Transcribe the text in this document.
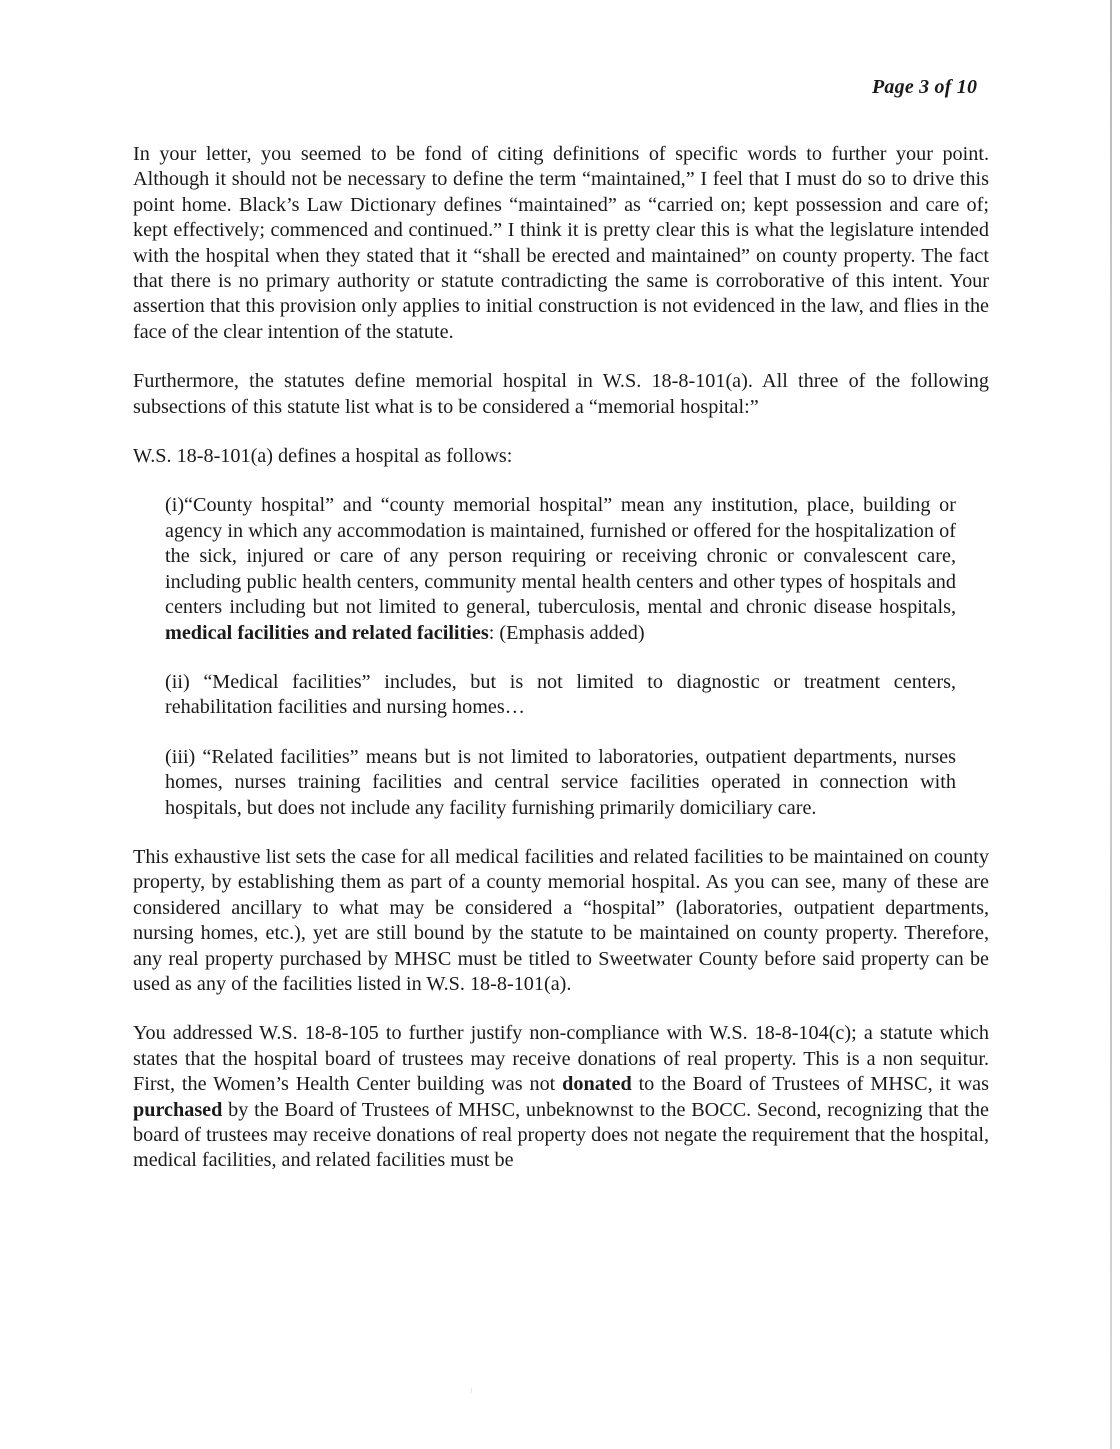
Page 3 of 10

In your letter, you seemed to be fond of citing definitions of specific words to further your point. Although it should not be necessary to define the term “maintained,” I feel that I must do so to drive this point home. Black’s Law Dictionary defines “maintained” as “carried on; kept possession and care of; kept effectively; commenced and continued.” I think it is pretty clear this is what the legislature intended with the hospital when they stated that it “shall be erected and maintained” on county property. The fact that there is no primary authority or statute contradicting the same is corroborative of this intent. Your assertion that this provision only applies to initial construction is not evidenced in the law, and flies in the face of the clear intention of the statute.

Furthermore, the statutes define memorial hospital in W.S. 18-8-101(a). All three of the following subsections of this statute list what is to be considered a “memorial hospital:”

W.S. 18-8-101(a) defines a hospital as follows:

(i)“County hospital” and “county memorial hospital” mean any institution, place, building or agency in which any accommodation is maintained, furnished or offered for the hospitalization of the sick, injured or care of any person requiring or receiving chronic or convalescent care, including public health centers, community mental health centers and other types of hospitals and centers including but not limited to general, tuberculosis, mental and chronic disease hospitals, medical facilities and related facilities: (Emphasis added)

(ii) “Medical facilities” includes, but is not limited to diagnostic or treatment centers, rehabilitation facilities and nursing homes…

(iii) “Related facilities” means but is not limited to laboratories, outpatient departments, nurses homes, nurses training facilities and central service facilities operated in connection with hospitals, but does not include any facility furnishing primarily domiciliary care.

This exhaustive list sets the case for all medical facilities and related facilities to be maintained on county property, by establishing them as part of a county memorial hospital. As you can see, many of these are considered ancillary to what may be considered a “hospital” (laboratories, outpatient departments, nursing homes, etc.), yet are still bound by the statute to be maintained on county property. Therefore, any real property purchased by MHSC must be titled to Sweetwater County before said property can be used as any of the facilities listed in W.S. 18-8-101(a).

You addressed W.S. 18-8-105 to further justify non-compliance with W.S. 18-8-104(c); a statute which states that the hospital board of trustees may receive donations of real property. This is a non sequitur. First, the Women’s Health Center building was not donated to the Board of Trustees of MHSC, it was purchased by the Board of Trustees of MHSC, unbeknownst to the BOCC. Second, recognizing that the board of trustees may receive donations of real property does not negate the requirement that the hospital, medical facilities, and related facilities must be
